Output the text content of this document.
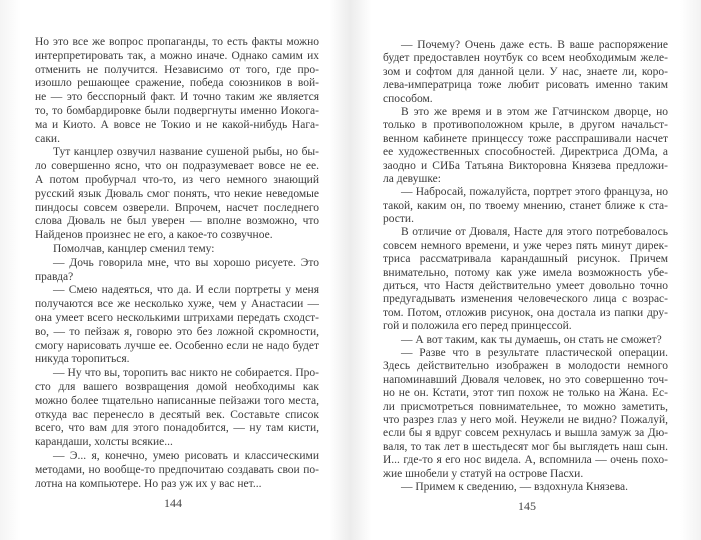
Но это все же вопрос пропаганды, то есть факты можно
интерпретировать так, а можно иначе. Однако самим их
отменить не получится. Независимо от того, где про-
изошло решающее сражение, победа союзников в вой-
не — это бесспорный факт. И точно таким же является
то, то бомбардировке были подвергнуты именно Иокога-
ма и Киото. А вовсе не Токио и не какой-нибудь Нага-
саки.
Тут канцлер озвучил название сушеной рыбы, но бы-
ло совершенно ясно, что он подразумевает вовсе не ее.
А потом пробурчал что-то, из чего немного знающий
русский язык Дюваль смог понять, что некие неведомые
пиндосы совсем озверели. Впрочем, насчет последнего
слова Дюваль не был уверен — вполне возможно, что
Найденов произнес не его, а какое-то созвучное.
Помолчав, канцлер сменил тему:
— Дочь говорила мне, что вы хорошо рисуете. Это
правда?
— Смею надеяться, что да. И если портреты у меня
получаются все же несколько хуже, чем у Анастасии —
она умеет всего несколькими штрихами передать сходст-
во, — то пейзаж я, говорю это без ложной скромности,
смогу нарисовать лучше ее. Особенно если не надо будет
никуда торопиться.
— Ну что вы, торопить вас никто не собирается. Про-
сто для вашего возвращения домой необходимы как
можно более тщательно написанные пейзажи того места,
откуда вас перенесло в десятый век. Составьте список
всего, что вам для этого понадобится, — ну там кисти,
карандаши, холсты всякие...
— Э... я, конечно, умею рисовать и классическими
методами, но вообще-то предпочитаю создавать свои по-
лотна на компьютере. Но раз уж их у вас нет...
144
— Почему? Очень даже есть. В ваше распоряжение
будет предоставлен ноутбук со всем необходимым желе-
зом и софтом для данной цели. У нас, знаете ли, коро-
лева-императрица тоже любит рисовать именно таким
способом.
В это же время и в этом же Гатчинском дворце, но
только в противоположном крыле, в другом начальст-
венном кабинете принцессу тоже расспрашивали насчет
ее художественных способностей. Директриса ДОМа, а
заодно и СИБа Татьяна Викторовна Князева предложи-
ла девушке:
— Набросай, пожалуйста, портрет этого француза, но
такой, каким он, по твоему мнению, станет ближе к ста-
рости.
В отличие от Дюваля, Насте для этого потребовалось
совсем немного времени, и уже через пять минут дирек-
триса рассматривала карандашный рисунок. Причем
внимательно, потому как уже имела возможность убе-
диться, что Настя действительно умеет довольно точно
предугадывать изменения человеческого лица с возрас-
том. Потом, отложив рисунок, она достала из папки дру-
гой и положила его перед принцессой.
— А вот таким, как ты думаешь, он стать не сможет?
— Разве что в результате пластической операции.
Здесь действительно изображен в молодости немного
напоминавший Дюваля человек, но это совершенно точ-
но не он. Кстати, этот тип похож не только на Жана. Ес-
ли присмотреться повнимательнее, то можно заметить,
что разрез глаз у него мой. Неужели не видно? Пожалуй,
если бы я вдруг совсем рехнулась и вышла замуж за Дю-
валя, то так лет в шестьдесят мог бы выглядеть наш сын.
И... где-то я его нос видела. А, вспомнила — очень похо-
жие шнобели у статуй на острове Пасхи.
— Примем к сведению, — вздохнула Князева.
145
